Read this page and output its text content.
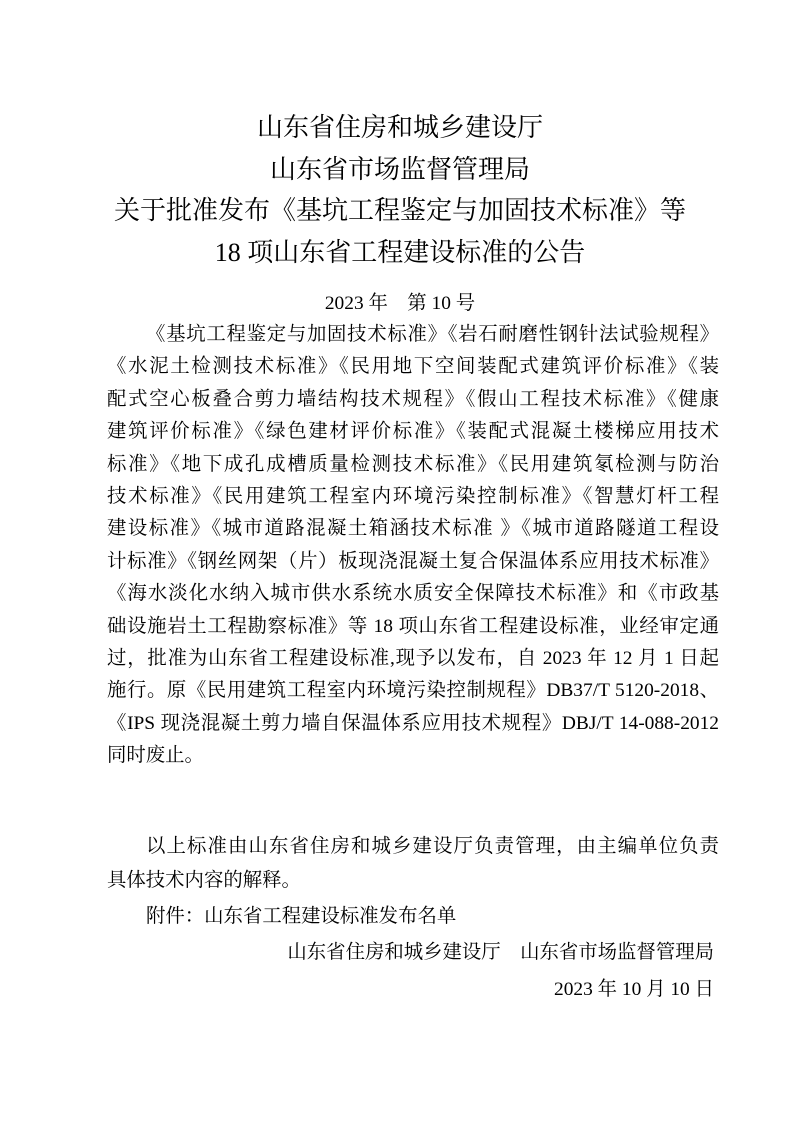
山东省住房和城乡建设厅
山东省市场监督管理局
关于批准发布《基坑工程鉴定与加固技术标准》等
18 项山东省工程建设标准的公告
2023 年　第 10 号
《基坑工程鉴定与加固技术标准》《岩石耐磨性钢针法试验规程》
《水泥土检测技术标准》《民用地下空间装配式建筑评价标准》《装
配式空心板叠合剪力墙结构技术规程》《假山工程技术标准》《健康
建筑评价标准》《绿色建材评价标准》《装配式混凝土楼梯应用技术
标准》《地下成孔成槽质量检测技术标准》《民用建筑氡检测与防治
技术标准》《民用建筑工程室内环境污染控制标准》《智慧灯杆工程
建设标准》《城市道路混凝土箱涵技术标准 》《城市道路隧道工程设
计标准》《钢丝网架（片）板现浇混凝土复合保温体系应用技术标准》
《海水淡化水纳入城市供水系统水质安全保障技术标准》和《市政基
础设施岩土工程勘察标准》等 18 项山东省工程建设标准，业经审定通
过，批准为山东省工程建设标准,现予以发布，自 2023 年 12 月 1 日起
施行。原《民用建筑工程室内环境污染控制规程》DB37/T 5120-2018、
《IPS 现浇混凝土剪力墙自保温体系应用技术规程》DBJ/T 14-088-2012
同时废止。
以上标准由山东省住房和城乡建设厅负责管理，由主编单位负责
具体技术内容的解释。
附件：山东省工程建设标准发布名单
山东省住房和城乡建设厅　山东省市场监督管理局
2023 年 10 月 10 日
